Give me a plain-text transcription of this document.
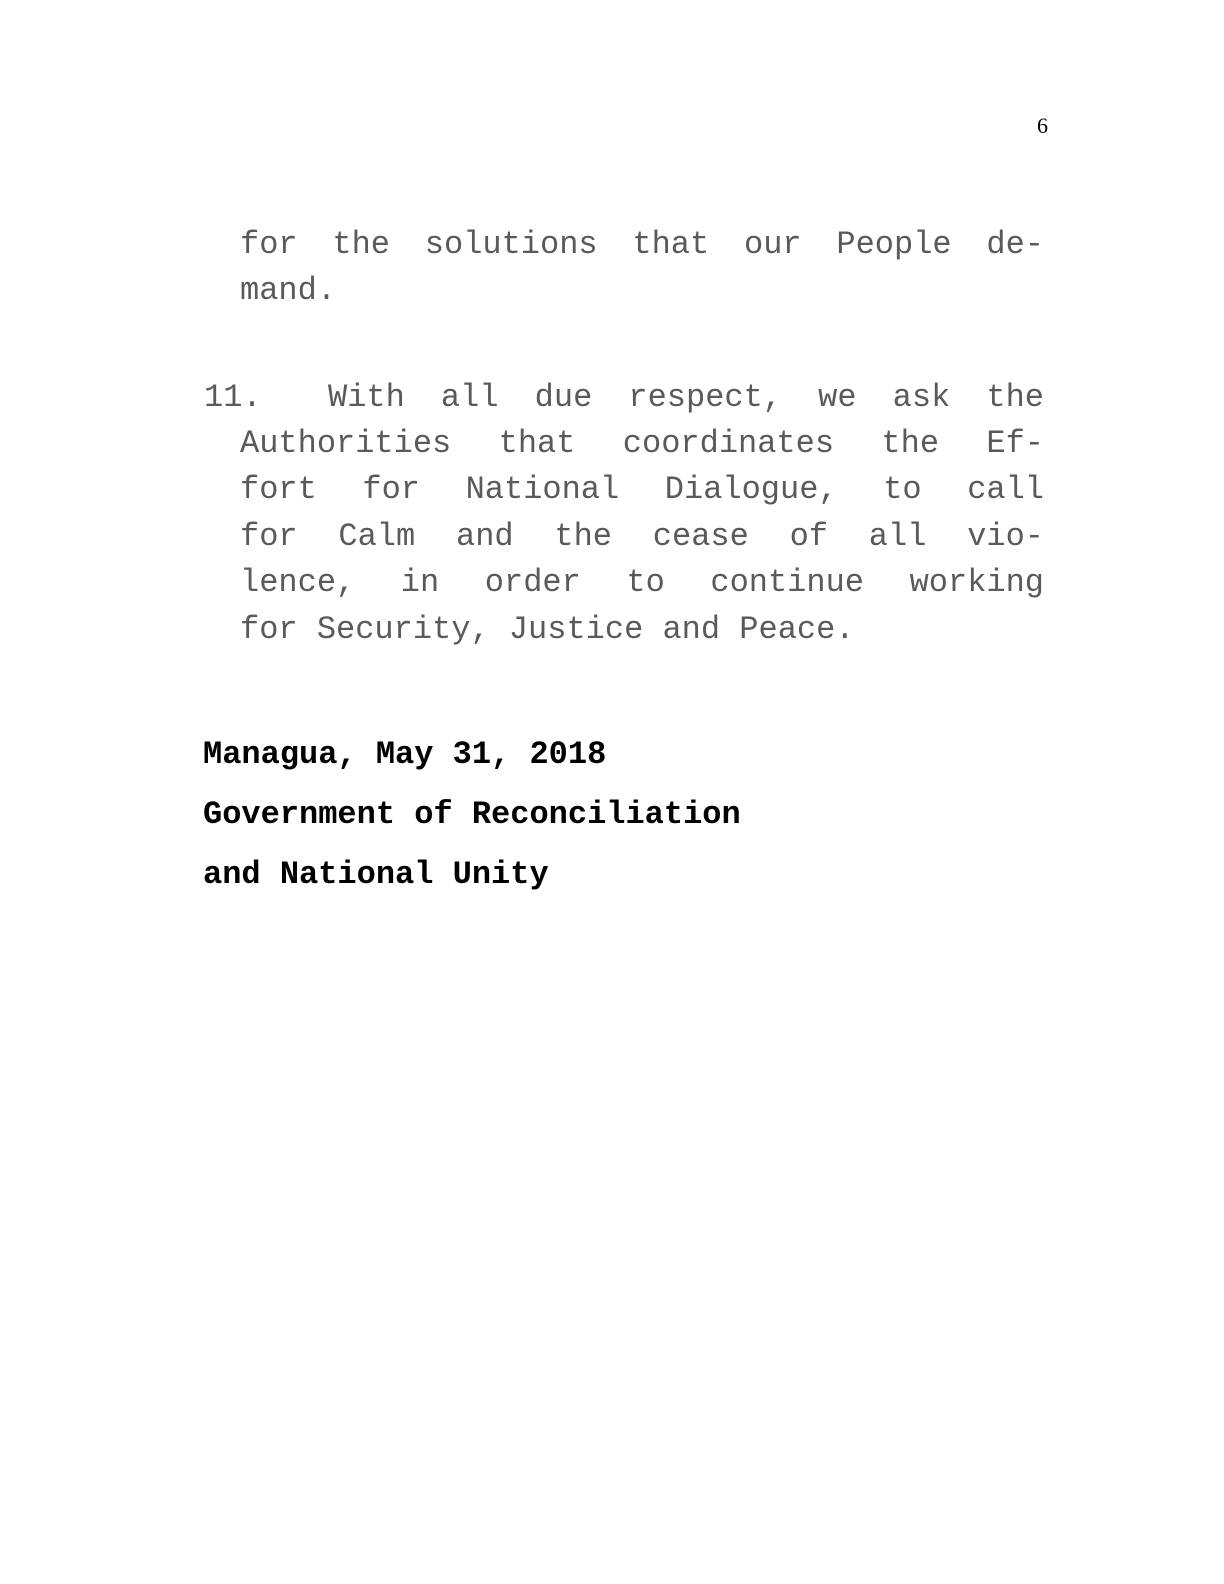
6
for the solutions that our People de-
mand.
11. With all due respect, we ask the
Authorities that coordinates the Ef-
fort for National Dialogue, to call
for Calm and the cease of all vio-
lence, in order to continue working
for Security, Justice and Peace.
Managua, May 31, 2018
Government of Reconciliation
and National Unity
